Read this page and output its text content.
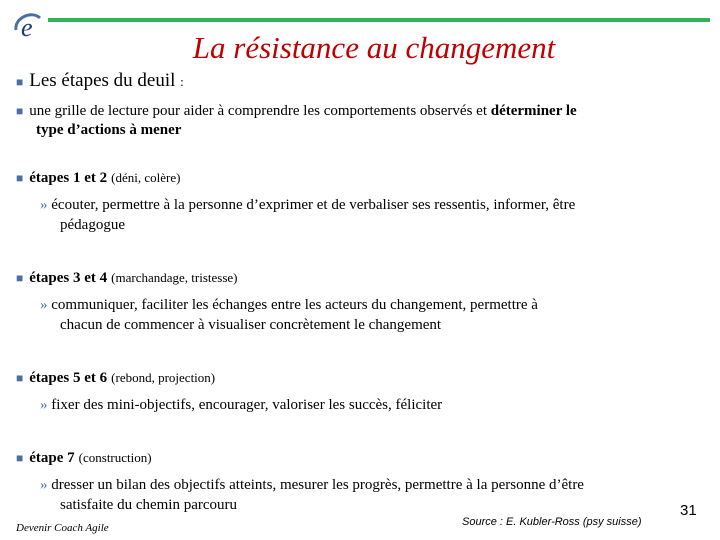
e
La résistance au changement
■ Les étapes du deuil :
■ une grille de lecture pour aider à comprendre les comportements observés et déterminer le
type d’actions à mener
■ étapes 1 et 2 (déni, colère)
» écouter, permettre à la personne d’exprimer et de verbaliser ses ressentis, informer, être
pédagogue
■ étapes 3 et 4 (marchandage, tristesse)
» communiquer, faciliter les échanges entre les acteurs du changement, permettre à
chacun de commencer à visualiser concrètement le changement
■ étapes 5 et 6 (rebond, projection)
» fixer des mini-objectifs, encourager, valoriser les succès, féliciter
■ étape 7 (construction)
» dresser un bilan des objectifs atteints, mesurer les progrès, permettre à la personne d’être
satisfaite du chemin parcouru
Devenir Coach Agile	Source : E. Kubler-Ross (psy suisse)
31
